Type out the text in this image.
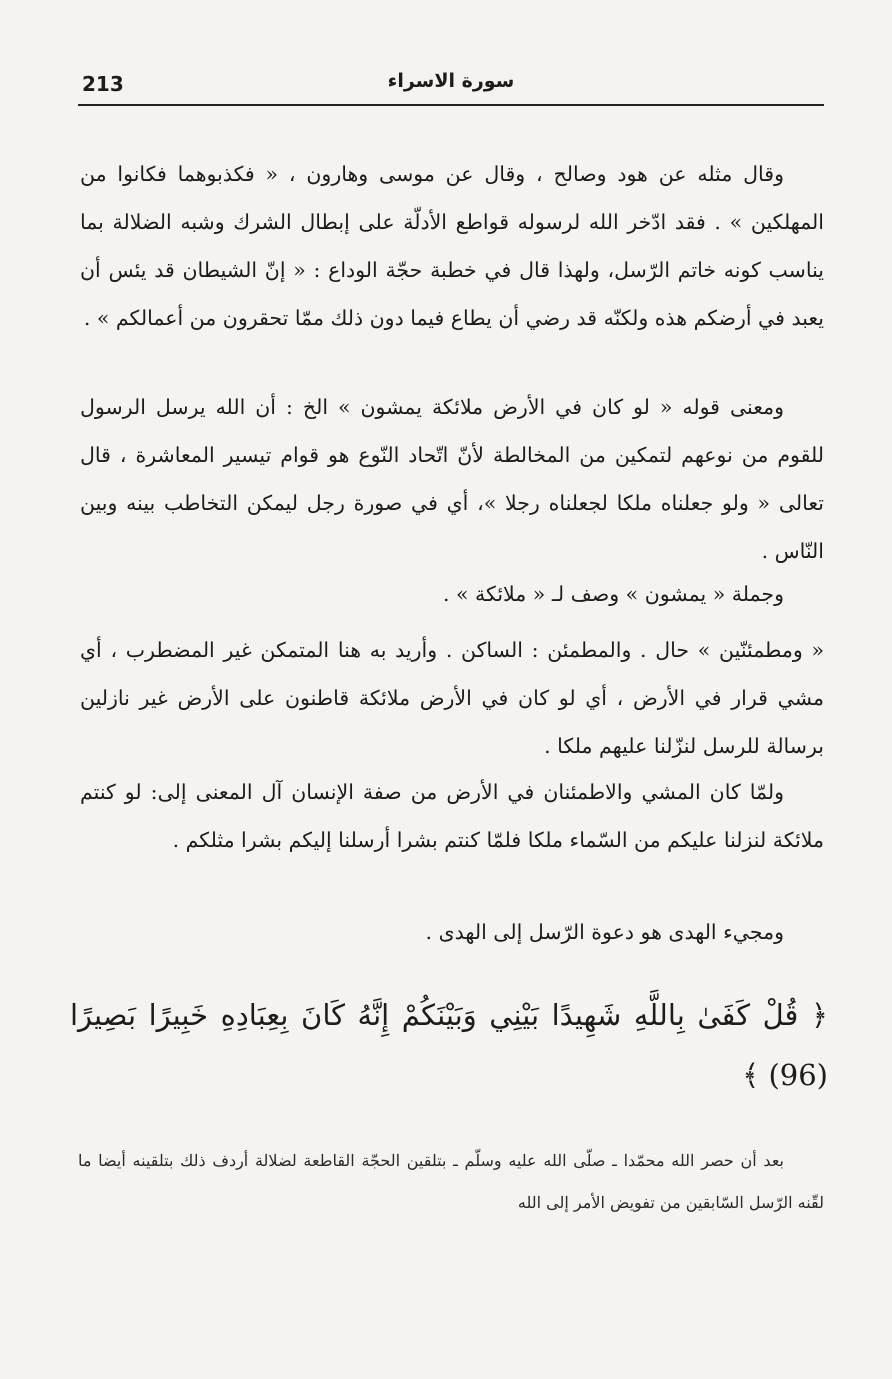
213	سورة الاسراء

وقال مثله عن هود وصالح ، وقال عن موسى وهارون ، « فكذبوهما فكانوا من المهلكين » . فقد ادّخر الله لرسوله قواطع الأدلّة على إبطال الشرك وشبه الضلالة بما يناسب كونه خاتم الرّسل، ولهذا قال في خطبة حجّة الوداع : « إنّ الشيطان قد يئس أن يعبد في أرضكم هذه ولكنّه قد رضي أن يطاع فيما دون ذلك ممّا تحقرون من أعمالكم » .

ومعنى قوله « لو كان في الأرض ملائكة يمشون » الخ : أن الله يرسل الرسول للقوم من نوعهم لتمكين من المخالطة لأنّ اتّحاد النّوع هو قوام تيسير المعاشرة ، قال تعالى « ولو جعلناه ملكا لجعلناه رجلا »، أي في صورة رجل ليمكن التخاطب بينه وبين النّاس .

وجملة « يمشون » وصف لـ « ملائكة » .

« ومطمئنّين » حال . والمطمئن : الساكن . وأريد به هنا المتمكن غير المضطرب ، أي مشي قرار في الأرض ، أي لو كان في الأرض ملائكة قاطنون على الأرض غير نازلين برسالة للرسل لنزّلنا عليهم ملكا .

ولمّا كان المشي والاطمئنان في الأرض من صفة الإنسان آل المعنى إلى: لو كنتم ملائكة لنزلنا عليكم من السّماء ملكا فلمّا كنتم بشرا أرسلنا إليكم بشرا مثلكم .

ومجيء الهدى هو دعوة الرّسل إلى الهدى .

﴿ قُلْ كَفَىٰ بِاللَّهِ شَهِيدًا بَيْنِي وَبَيْنَكُمْ إِنَّهُ كَانَ بِعِبَادِهِ خَبِيرًا بَصِيرًا (96) ﴾
بعد أن حصر الله محمّدا ـ صلّى الله عليه وسلّم ـ بتلقين الحجّة القاطعة لضلالة أردف ذلك بتلقينه أيضا ما لقّنه الرّسل السّابقين من تفويض الأمر إلى الله
